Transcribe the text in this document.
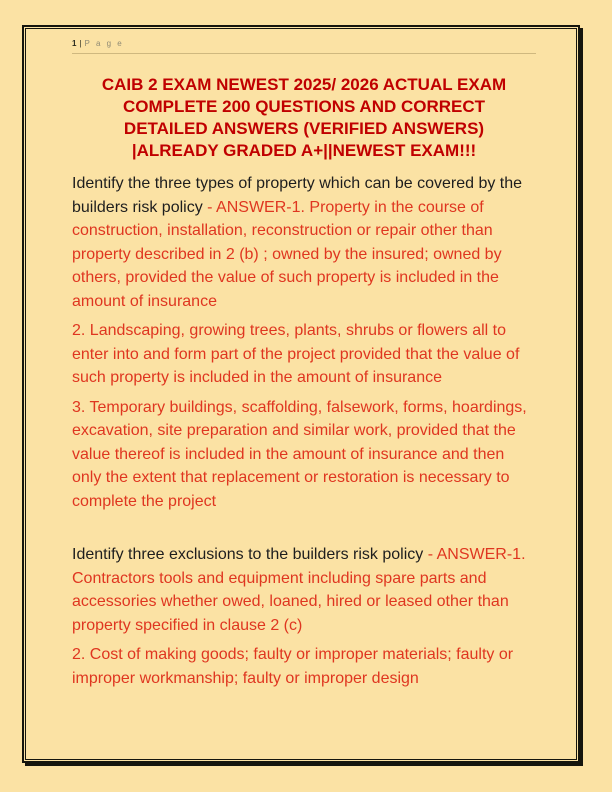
1 | P a g e
CAIB 2 EXAM NEWEST 2025/ 2026 ACTUAL EXAM
COMPLETE 200 QUESTIONS AND CORRECT
DETAILED ANSWERS (VERIFIED ANSWERS)
|ALREADY GRADED A+||NEWEST EXAM!!!

Identify the three types of property which can be covered by the builders risk policy - ANSWER-1. Property in the course of construction, installation, reconstruction or repair other than property described in 2 (b) ; owned by the insured; owned by others, provided the value of such property is included in the amount of insurance

2. Landscaping, growing trees, plants, shrubs or flowers all to enter into and form part of the project provided that the value of such property is included in the amount of insurance

3. Temporary buildings, scaffolding, falsework, forms, hoardings, excavation, site preparation and similar work, provided that the value thereof is included in the amount of insurance and then only the extent that replacement or restoration is necessary to complete the project

Identify three exclusions to the builders risk policy - ANSWER-1. Contractors tools and equipment including spare parts and accessories whether owed, loaned, hired or leased other than property specified in clause 2 (c)

2. Cost of making goods; faulty or improper materials; faulty or improper workmanship; faulty or improper design
